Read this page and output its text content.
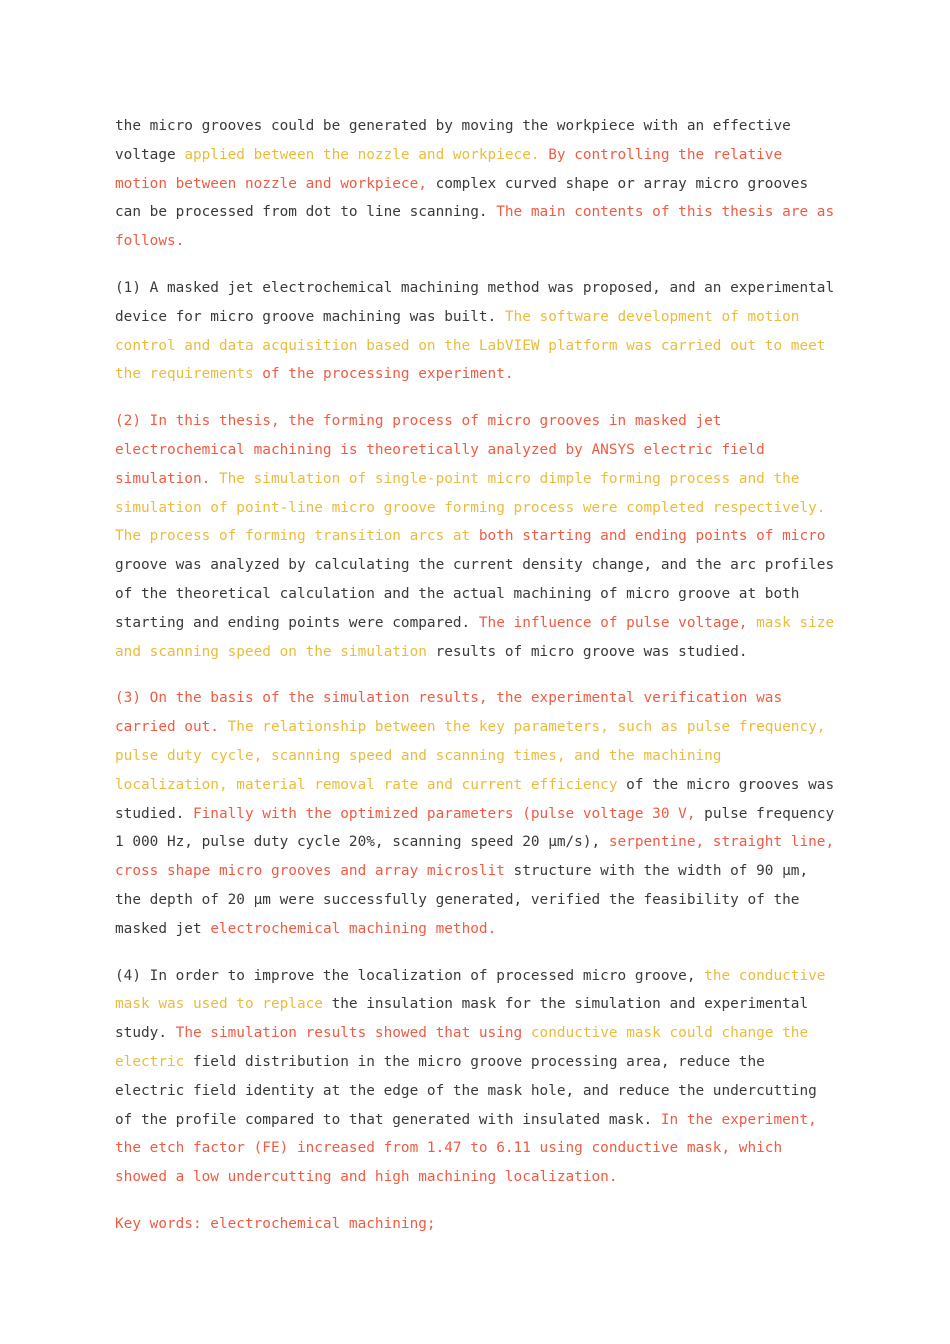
the micro grooves could be generated by moving the workpiece with an effective voltage applied between the nozzle and workpiece. By controlling the relative motion between nozzle and workpiece, complex curved shape or array micro grooves can be processed from dot to line scanning. The main contents of this thesis are as follows.

(1) A masked jet electrochemical machining method was proposed, and an experimental device for micro groove machining was built. The software development of motion control and data acquisition based on the LabVIEW platform was carried out to meet the requirements of the processing experiment.

(2) In this thesis, the forming process of micro grooves in masked jet electrochemical machining is theoretically analyzed by ANSYS electric field simulation. The simulation of single-point micro dimple forming process and the simulation of point-line micro groove forming process were completed respectively. The process of forming transition arcs at both starting and ending points of micro groove was analyzed by calculating the current density change, and the arc profiles of the theoretical calculation and the actual machining of micro groove at both starting and ending points were compared. The influence of pulse voltage, mask size and scanning speed on the simulation results of micro groove was studied.

(3) On the basis of the simulation results, the experimental verification was carried out. The relationship between the key parameters, such as pulse frequency, pulse duty cycle, scanning speed and scanning times, and the machining localization, material removal rate and current efficiency of the micro grooves was studied. Finally with the optimized parameters (pulse voltage 30 V, pulse frequency 1 000 Hz, pulse duty cycle 20%, scanning speed 20 μm/s), serpentine, straight line, cross shape micro grooves and array microslit structure with the width of 90 μm, the depth of 20 μm were successfully generated, verified the feasibility of the masked jet electrochemical machining method.

(4) In order to improve the localization of processed micro groove, the conductive mask was used to replace the insulation mask for the simulation and experimental study. The simulation results showed that using conductive mask could change the electric field distribution in the micro groove processing area, reduce the electric field identity at the edge of the mask hole, and reduce the undercutting of the profile compared to that generated with insulated mask. In the experiment, the etch factor (FE) increased from 1.47 to 6.11 using conductive mask, which showed a low undercutting and high machining localization.

Key words: electrochemical machining;
